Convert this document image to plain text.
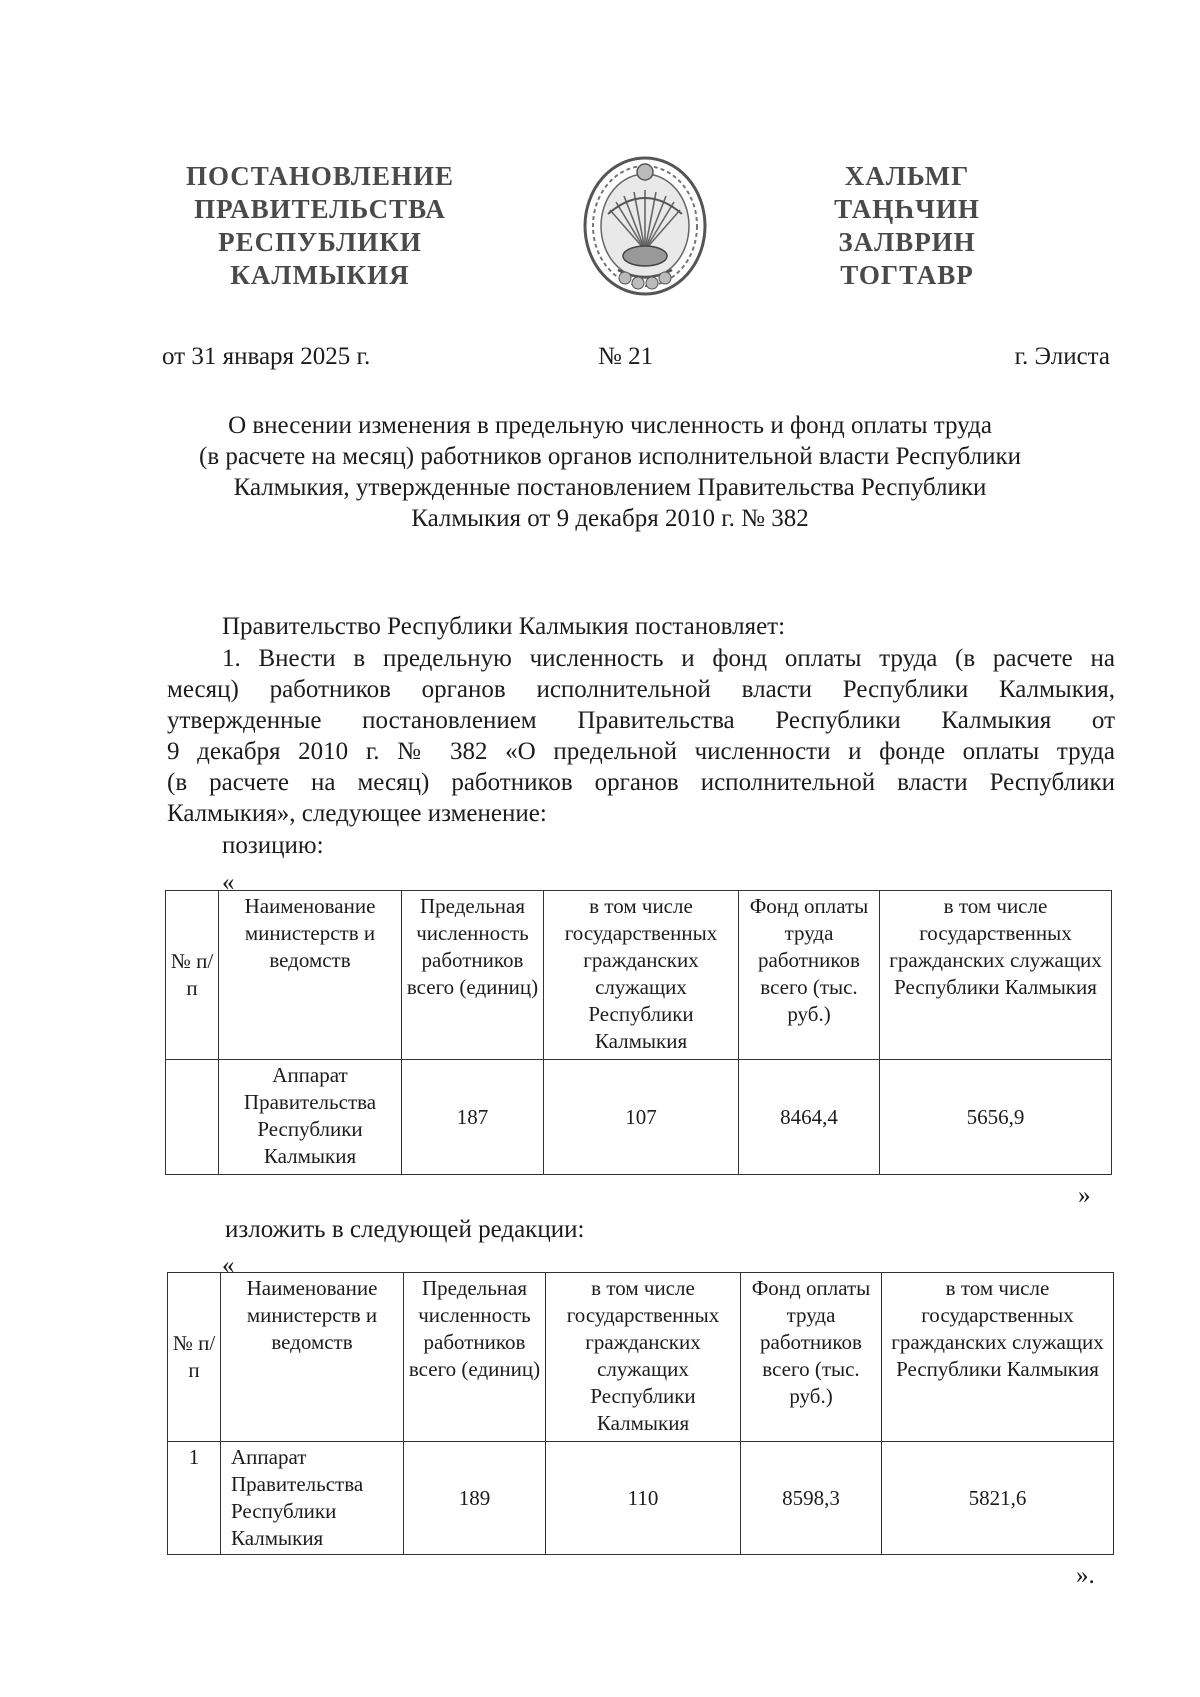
ПОСТАНОВЛЕНИЕ
ПРАВИТЕЛЬСТВА
РЕСПУБЛИКИ
КАЛМЫКИЯ
ХАЛЬМГ
ТАҢҺЧИН
ЗАЛВРИН
ТОГТАВР
от 31 января 2025 г.	№ 21	г. Элиста
О внесении изменения в предельную численность и фонд оплаты труда
(в расчете на месяц) работников органов исполнительной власти Республики
Калмыкия, утвержденные постановлением Правительства Республики
Калмыкия от 9 декабря 2010 г. № 382
Правительство Республики Калмыкия постановляет:
1. Внести в предельную численность и фонд оплаты труда (в расчете на
месяц) работников органов исполнительной власти Республики Калмыкия,
утвержденные постановлением Правительства Республики Калмыкия от
9 декабря 2010 г. № 382 «О предельной численности и фонде оплаты труда
(в расчете на месяц) работников органов исполнительной власти Республики
Калмыкия», следующее изменение:
позицию:
«
№ п/п	Наименование министерств и ведомств	Предельная численность работников всего (единиц)	в том числе государственных гражданских служащих Республики Калмыкия	Фонд оплаты труда работников всего (тыс. руб.)	в том числе государственных гражданских служащих Республики Калмыкия
	Аппарат Правительства Республики Калмыкия	187	107	8464,4	5656,9
»
изложить в следующей редакции:
«
№ п/п	Наименование министерств и ведомств	Предельная численность работников всего (единиц)	в том числе государственных гражданских служащих Республики Калмыкия	Фонд оплаты труда работников всего (тыс. руб.)	в том числе государственных гражданских служащих Республики Калмыкия
1	Аппарат Правительства Республики Калмыкия	189	110	8598,3	5821,6
».
